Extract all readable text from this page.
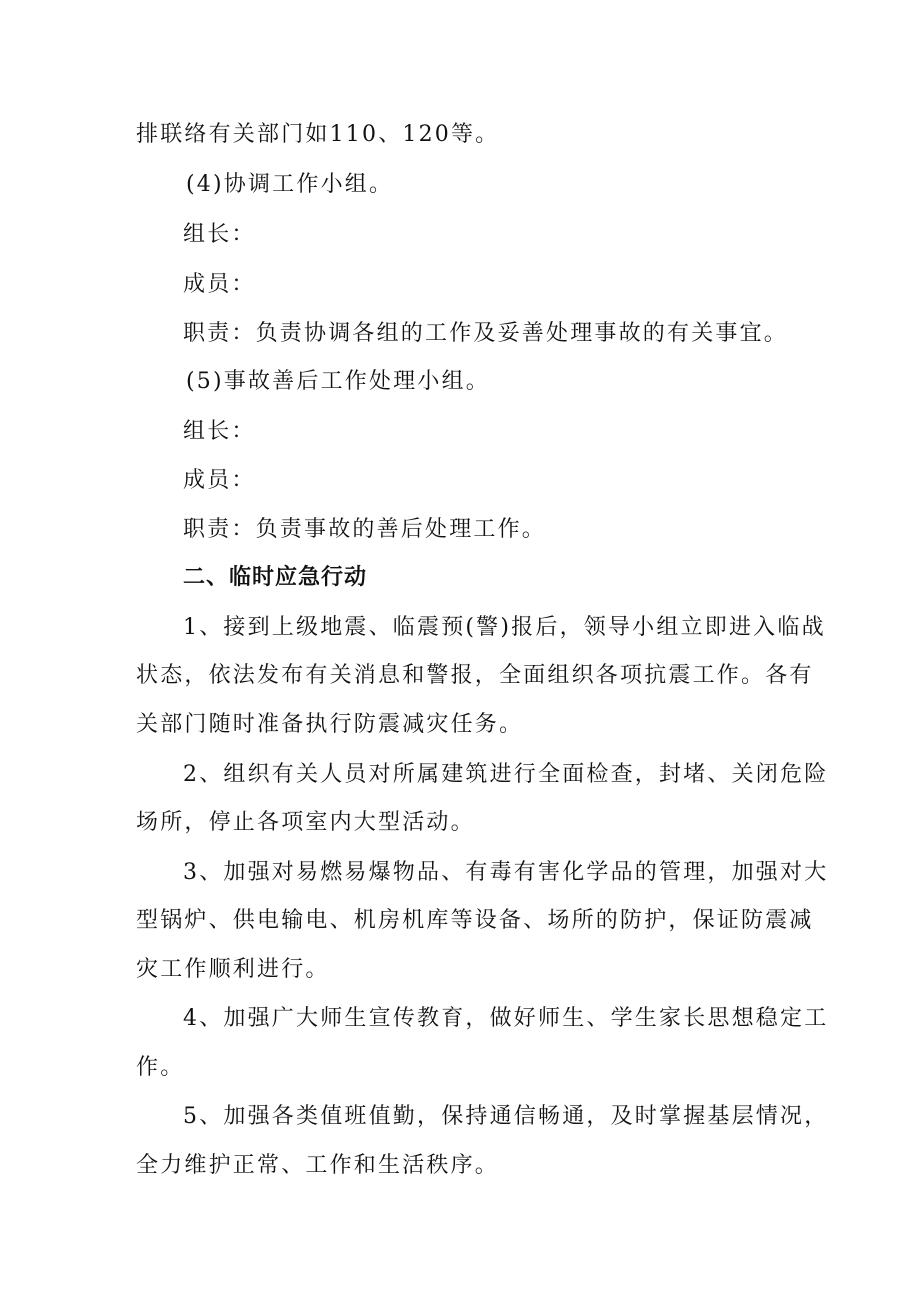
排联络有关部门如110、120等。
(4)协调工作小组。
组长：
成员：
职责：负责协调各组的工作及妥善处理事故的有关事宜。
(5)事故善后工作处理小组。
组长：
成员：
职责：负责事故的善后处理工作。
二、临时应急行动
1、接到上级地震、临震预(警)报后，领导小组立即进入临战
状态，依法发布有关消息和警报，全面组织各项抗震工作。各有
关部门随时准备执行防震减灾任务。
2、组织有关人员对所属建筑进行全面检查，封堵、关闭危险
场所，停止各项室内大型活动。
3、加强对易燃易爆物品、有毒有害化学品的管理，加强对大
型锅炉、供电输电、机房机库等设备、场所的防护，保证防震减
灾工作顺利进行。
4、加强广大师生宣传教育，做好师生、学生家长思想稳定工
作。
5、加强各类值班值勤，保持通信畅通，及时掌握基层情况，
全力维护正常、工作和生活秩序。
